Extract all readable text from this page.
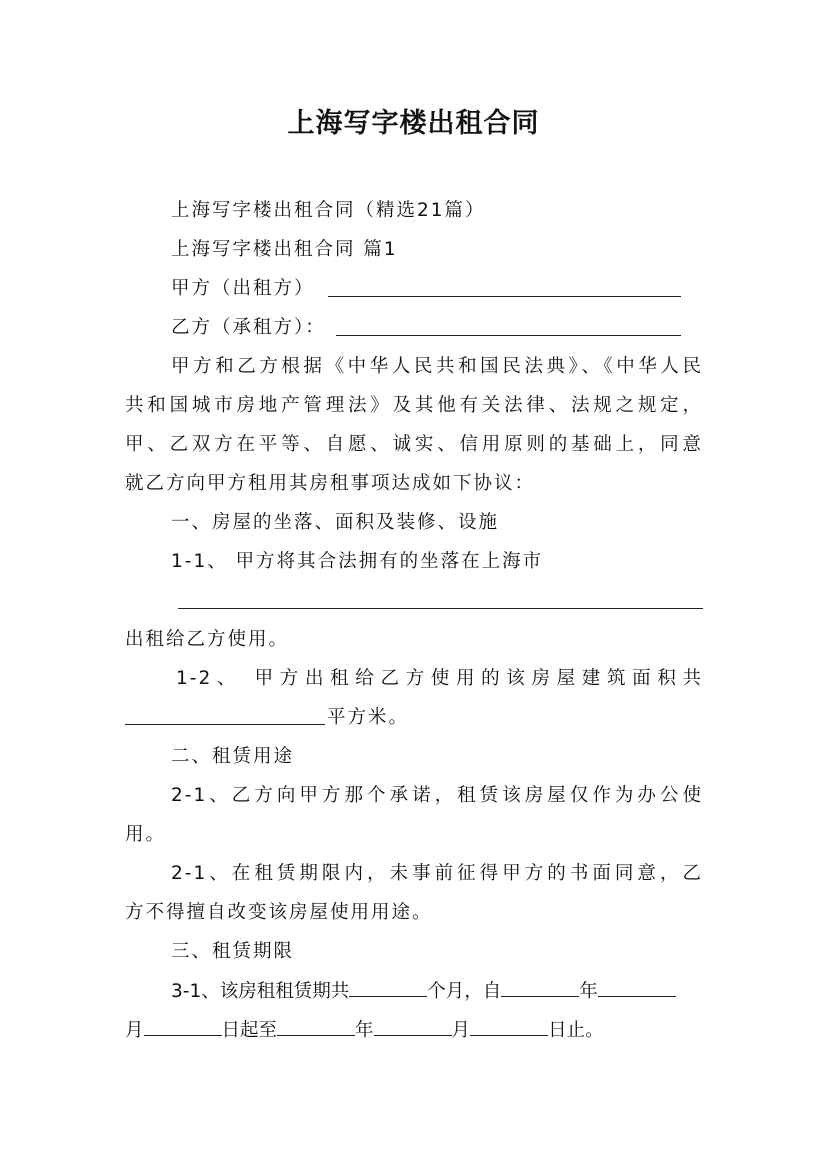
上海写字楼出租合同
上海写字楼出租合同（精选21篇）
上海写字楼出租合同 篇1
甲方（出租方）
乙方（承租方）：
甲方和乙方根据《中华人民共和国民法典》、《中华人民
共和国城市房地产管理法》及其他有关法律、法规之规定，
甲、乙双方在平等、自愿、诚实、信用原则的基础上，同意
就乙方向甲方租用其房租事项达成如下协议：
一、房屋的坐落、面积及装修、设施
1-1、 甲方将其合法拥有的坐落在上海市
出租给乙方使用。
1-2、 甲方出租给乙方使用的该房屋建筑面积共
平方米。
二、租赁用途
2-1、乙方向甲方那个承诺，租赁该房屋仅作为办公使
用。
2-1、在租赁期限内，未事前征得甲方的书面同意，乙
方不得擅自改变该房屋使用用途。
三、租赁期限
3-1、该房租租赁期共	个月，自	年
月	日起至	年	月	日止。
